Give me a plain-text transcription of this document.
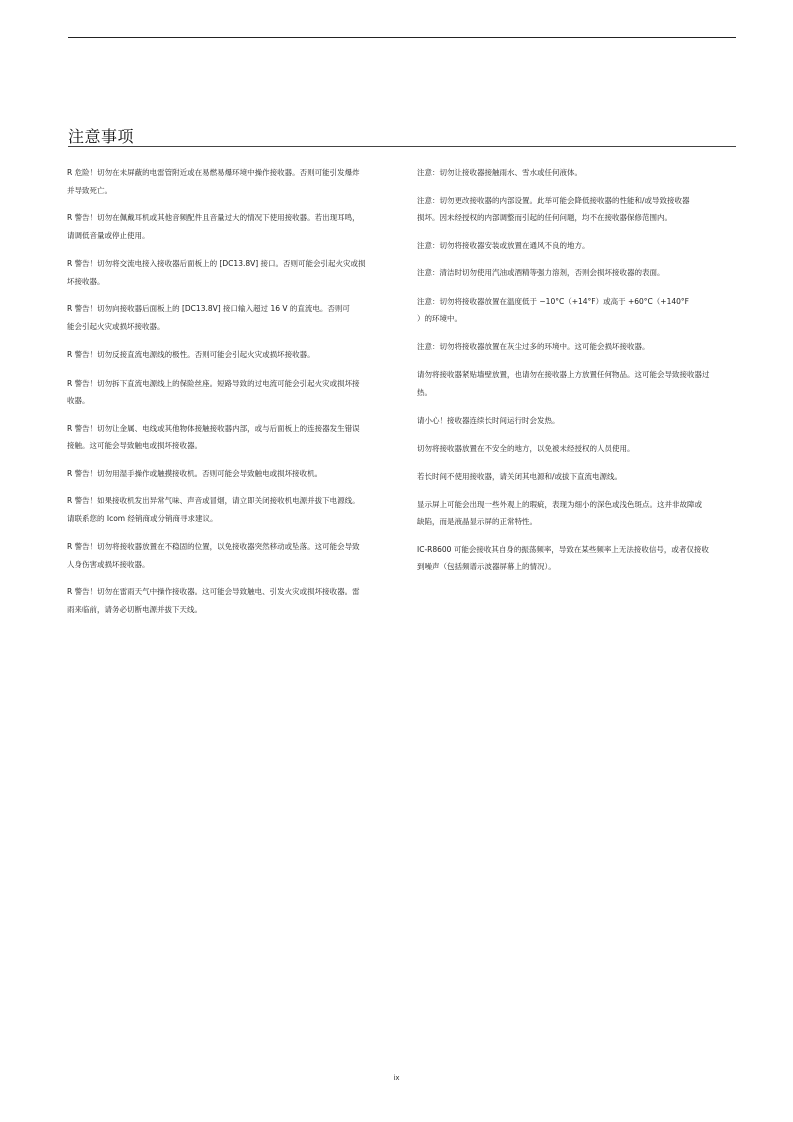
注意事项

R 危险！切勿在未屏蔽的电雷管附近或在易燃易爆环境中操作接收器。否则可能引发爆炸
并导致死亡。

R 警告！切勿在佩戴耳机或其他音频配件且音量过大的情况下使用接收器。若出现耳鸣，
请调低音量或停止使用。

R 警告！切勿将交流电接入接收器后面板上的 [DC13.8V] 接口。否则可能会引起火灾或损
坏接收器。

R 警告！切勿向接收器后面板上的 [DC13.8V] 接口输入超过 16 V 的直流电。否则可
能会引起火灾或损坏接收器。

R 警告！切勿反接直流电源线的极性。否则可能会引起火灾或损坏接收器。

R 警告！切勿拆下直流电源线上的保险丝座。短路导致的过电流可能会引起火灾或损坏接
收器。

R 警告！切勿让金属、电线或其他物体接触接收器内部，或与后面板上的连接器发生错误
接触。这可能会导致触电或损坏接收器。

R 警告！切勿用湿手操作或触摸接收机。否则可能会导致触电或损坏接收机。

R 警告！如果接收机发出异常气味、声音或冒烟，请立即关闭接收机电源并拔下电源线。
请联系您的 Icom 经销商或分销商寻求建议。

R 警告！切勿将接收器放置在不稳固的位置，以免接收器突然移动或坠落。这可能会导致
人身伤害或损坏接收器。

R 警告！切勿在雷雨天气中操作接收器。这可能会导致触电、引发火灾或损坏接收器。雷
雨来临前，请务必切断电源并拔下天线。

注意：切勿让接收器接触雨水、雪水或任何液体。

注意：切勿更改接收器的内部设置。此举可能会降低接收器的性能和/或导致接收器
损坏。因未经授权的内部调整而引起的任何问题，均不在接收器保修范围内。

注意：切勿将接收器安装或放置在通风不良的地方。

注意：清洁时切勿使用汽油或酒精等强力溶剂，否则会损坏接收器的表面。

注意：切勿将接收器放置在温度低于 −10°C（+14°F）或高于 +60°C（+140°F
）的环境中。

注意：切勿将接收器放置在灰尘过多的环境中。这可能会损坏接收器。

请勿将接收器紧贴墙壁放置，也请勿在接收器上方放置任何物品。这可能会导致接收器过
热。

请小心！接收器连续长时间运行时会发热。

切勿将接收器放置在不安全的地方，以免被未经授权的人员使用。

若长时间不使用接收器，请关闭其电源和/或拔下直流电源线。

显示屏上可能会出现一些外观上的瑕疵，表现为细小的深色或浅色斑点。这并非故障或
缺陷，而是液晶显示屏的正常特性。

IC-R8600 可能会接收其自身的振荡频率，导致在某些频率上无法接收信号，或者仅接收
到噪声（包括频谱示波器屏幕上的情况）。

ix
